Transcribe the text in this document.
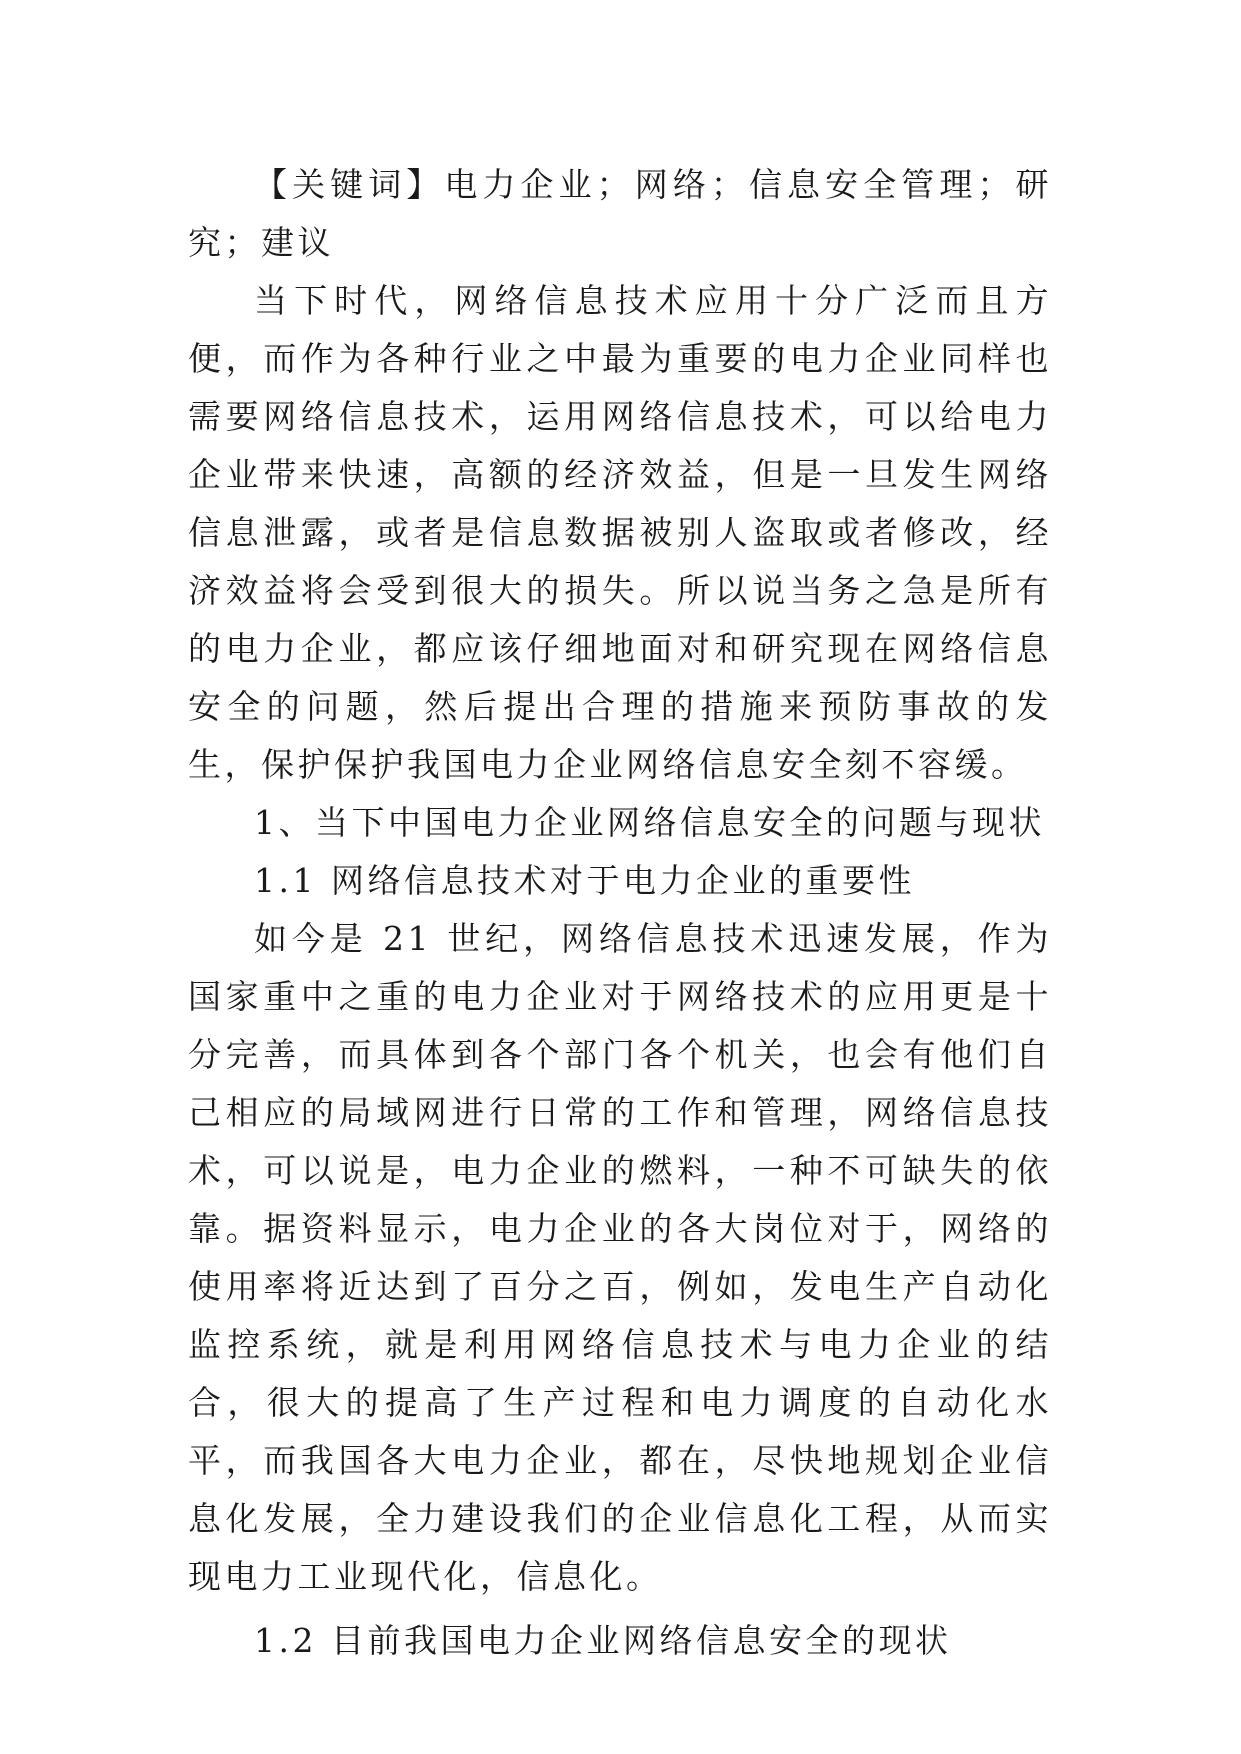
【关键词】电力企业；网络；信息安全管理；研究；建议

当下时代，网络信息技术应用十分广泛而且方便，而作为各种行业之中最为重要的电力企业同样也需要网络信息技术，运用网络信息技术，可以给电力企业带来快速，高额的经济效益，但是一旦发生网络信息泄露，或者是信息数据被别人盗取或者修改，经济效益将会受到很大的损失。所以说当务之急是所有的电力企业，都应该仔细地面对和研究现在网络信息安全的问题，然后提出合理的措施来预防事故的发生，保护保护我国电力企业网络信息安全刻不容缓。

1、当下中国电力企业网络信息安全的问题与现状

1.1 网络信息技术对于电力企业的重要性

如今是 21 世纪，网络信息技术迅速发展，作为国家重中之重的电力企业对于网络技术的应用更是十分完善，而具体到各个部门各个机关，也会有他们自己相应的局域网进行日常的工作和管理，网络信息技术，可以说是，电力企业的燃料，一种不可缺失的依靠。据资料显示，电力企业的各大岗位对于，网络的使用率将近达到了百分之百，例如，发电生产自动化监控系统，就是利用网络信息技术与电力企业的结合，很大的提高了生产过程和电力调度的自动化水平，而我国各大电力企业，都在，尽快地规划企业信息化发展，全力建设我们的企业信息化工程，从而实现电力工业现代化，信息化。

1.2 目前我国电力企业网络信息安全的现状
